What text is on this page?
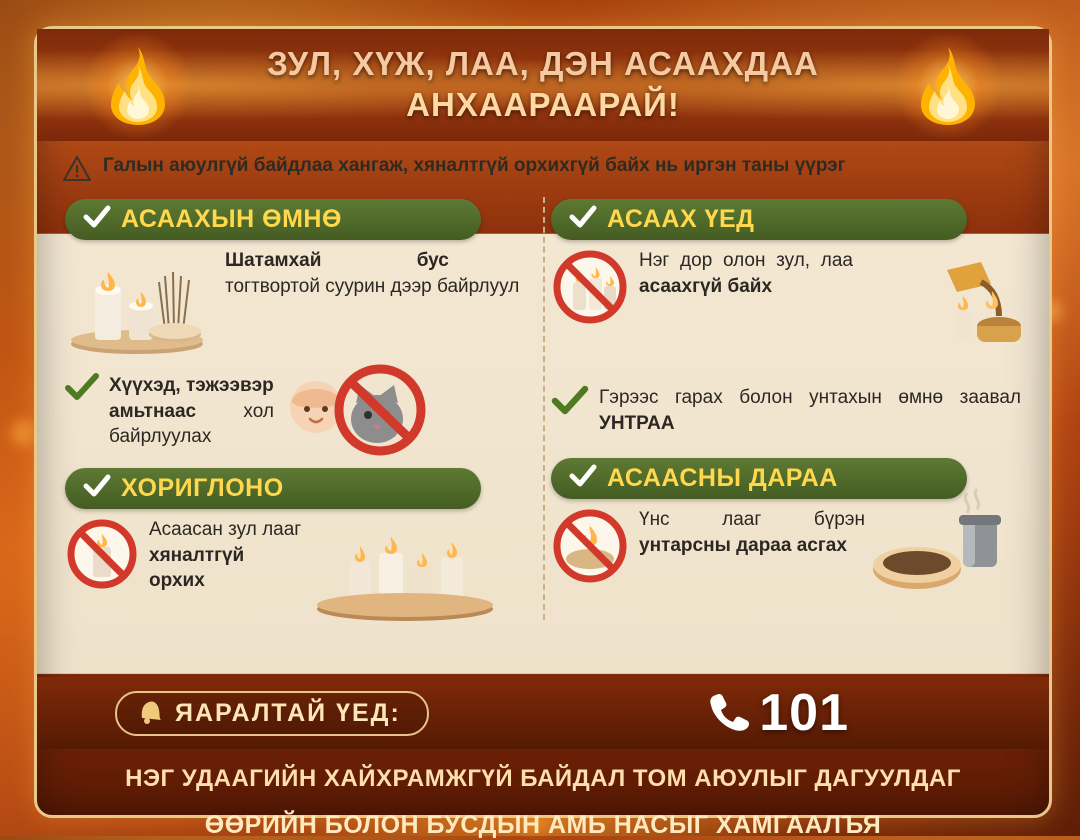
ЗУЛ, ХҮЖ, ЛАА, ДЭН АСААХДАА
АНХААРААРАЙ!
Галын аюулгүй байдлаа хангаж, хяналтгүй орхихгүй байх нь иргэн таны үүрэг
АСААХЫН ӨМНӨ
Шатамхай	бус
тогтвортой суурин дээр байрлуул
Хүүхэд, тэжээвэр
амьтнаас хол
байрлуулах
ХОРИГЛОНО
Асаасан зул лааг
хяналтгүй
орхих
АСААХ ҮЕД
Нэг дор олон зул, лаа асаахгүй байх
Гэрээс гарах болон унтахын өмнө заавал УНТРАА
АСААСНЫ ДАРАА
Үнс лааг бүрэн унтарсны дараа асгах
ЯАРАЛТАЙ ҮЕД:	101
НЭГ УДААГИЙН ХАЙХРАМЖГҮЙ БАЙДАЛ ТОМ АЮУЛЫГ ДАГУУЛДАГ
ӨӨРИЙН БОЛОН БУСДЫН АМЬ НАСЫГ ХАМГААЛЪЯ
